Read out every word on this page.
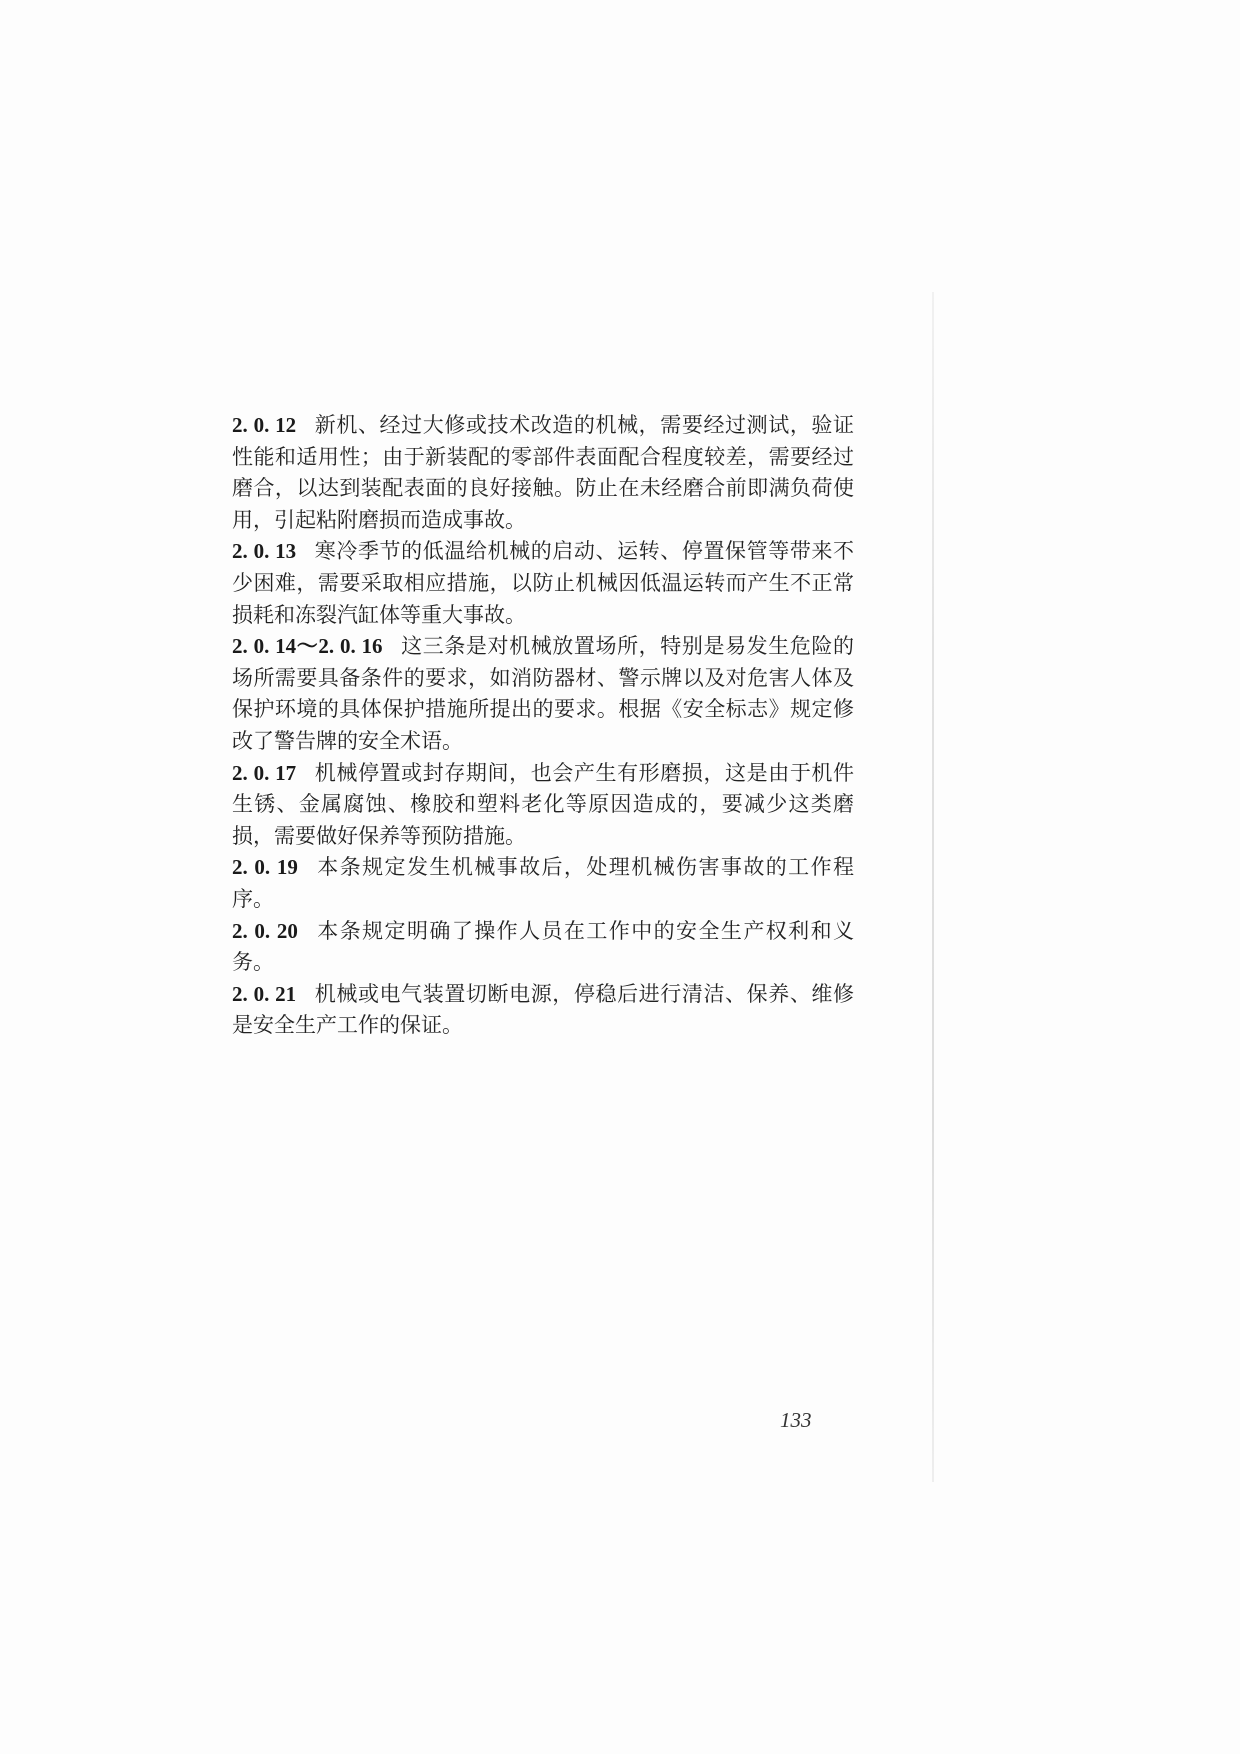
2. 0. 12 新机、经过大修或技术改造的机械，需要经过测试，验证性能和适用性；由于新装配的零部件表面配合程度较差，需要经过磨合，以达到装配表面的良好接触。防止在未经磨合前即满负荷使用，引起粘附磨损而造成事故。

2. 0. 13 寒冷季节的低温给机械的启动、运转、停置保管等带来不少困难，需要采取相应措施，以防止机械因低温运转而产生不正常损耗和冻裂汽缸体等重大事故。

2. 0. 14～2. 0. 16 这三条是对机械放置场所，特别是易发生危险的场所需要具备条件的要求，如消防器材、警示牌以及对危害人体及保护环境的具体保护措施所提出的要求。根据《安全标志》规定修改了警告牌的安全术语。

2. 0. 17 机械停置或封存期间，也会产生有形磨损，这是由于机件生锈、金属腐蚀、橡胶和塑料老化等原因造成的，要减少这类磨损，需要做好保养等预防措施。

2. 0. 19 本条规定发生机械事故后，处理机械伤害事故的工作程序。

2. 0. 20 本条规定明确了操作人员在工作中的安全生产权利和义务。

2. 0. 21 机械或电气装置切断电源，停稳后进行清洁、保养、维修是安全生产工作的保证。

133
